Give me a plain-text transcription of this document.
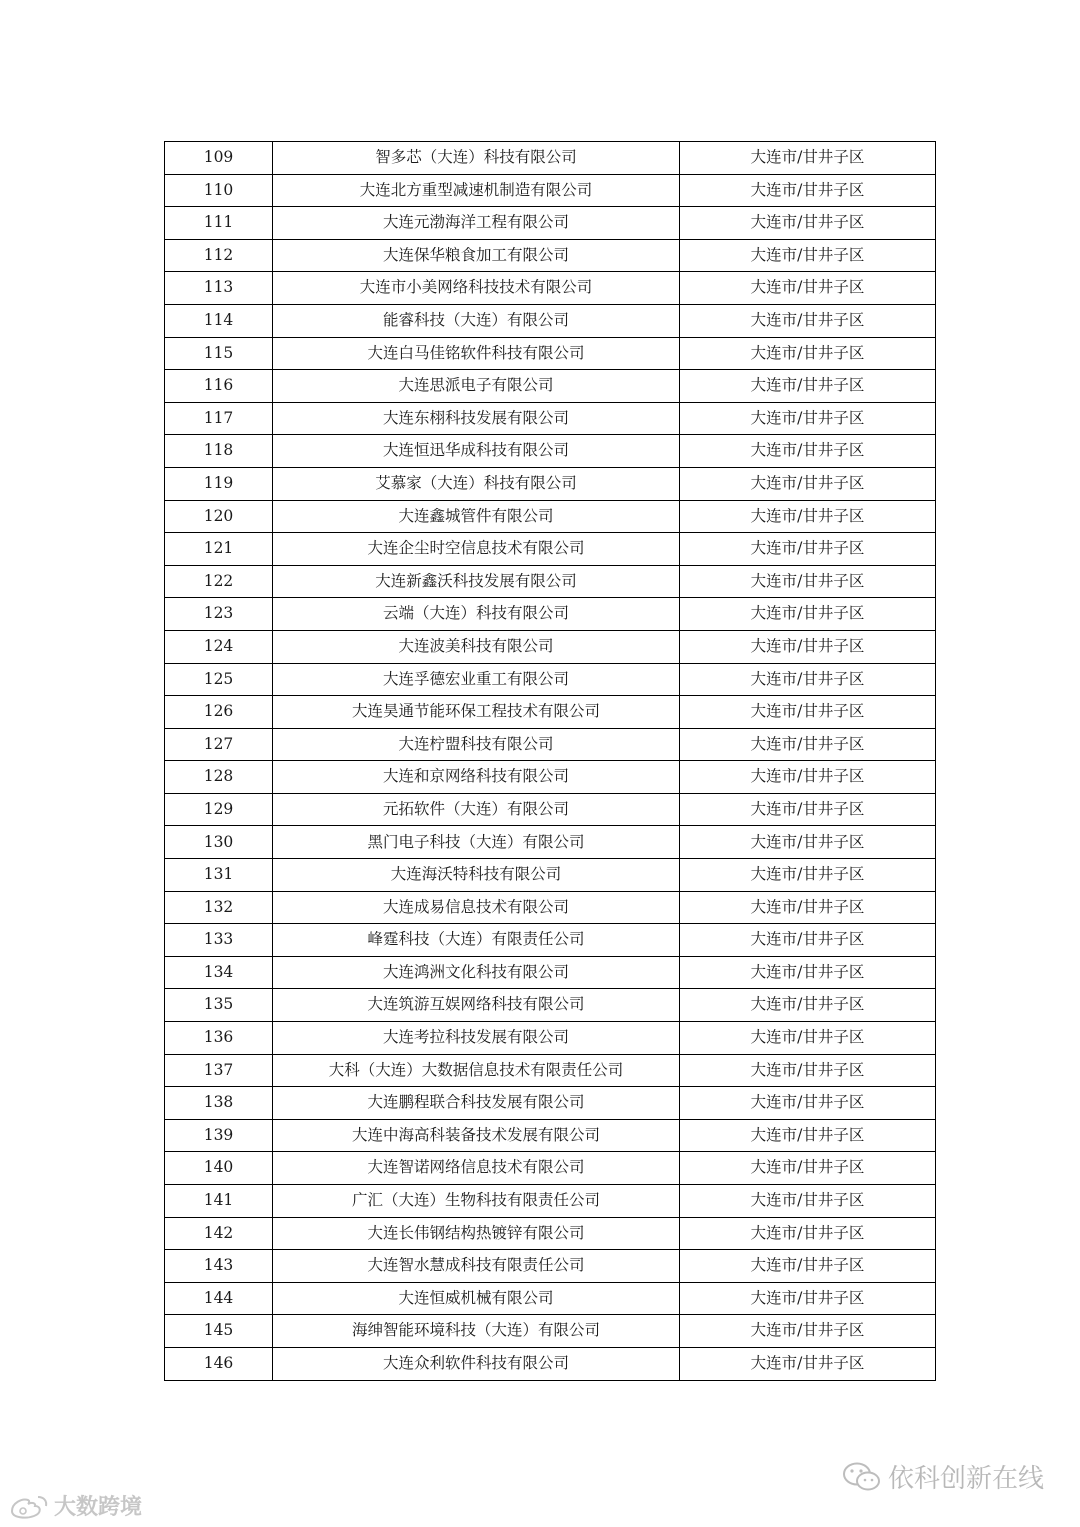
109	智多芯（大连）科技有限公司	大连市/甘井子区
110	大连北方重型减速机制造有限公司	大连市/甘井子区
111	大连元渤海洋工程有限公司	大连市/甘井子区
112	大连保华粮食加工有限公司	大连市/甘井子区
113	大连市小美网络科技技术有限公司	大连市/甘井子区
114	能睿科技（大连）有限公司	大连市/甘井子区
115	大连白马佳铭软件科技有限公司	大连市/甘井子区
116	大连思派电子有限公司	大连市/甘井子区
117	大连东栩科技发展有限公司	大连市/甘井子区
118	大连恒迅华成科技有限公司	大连市/甘井子区
119	艾慕家（大连）科技有限公司	大连市/甘井子区
120	大连鑫城管件有限公司	大连市/甘井子区
121	大连企尘时空信息技术有限公司	大连市/甘井子区
122	大连新鑫沃科技发展有限公司	大连市/甘井子区
123	云端（大连）科技有限公司	大连市/甘井子区
124	大连波美科技有限公司	大连市/甘井子区
125	大连孚德宏业重工有限公司	大连市/甘井子区
126	大连昊通节能环保工程技术有限公司	大连市/甘井子区
127	大连柠盟科技有限公司	大连市/甘井子区
128	大连和京网络科技有限公司	大连市/甘井子区
129	元拓软件（大连）有限公司	大连市/甘井子区
130	黑门电子科技（大连）有限公司	大连市/甘井子区
131	大连海沃特科技有限公司	大连市/甘井子区
132	大连成易信息技术有限公司	大连市/甘井子区
133	峰霆科技（大连）有限责任公司	大连市/甘井子区
134	大连鸿洲文化科技有限公司	大连市/甘井子区
135	大连筑游互娱网络科技有限公司	大连市/甘井子区
136	大连考拉科技发展有限公司	大连市/甘井子区
137	大科（大连）大数据信息技术有限责任公司	大连市/甘井子区
138	大连鹏程联合科技发展有限公司	大连市/甘井子区
139	大连中海高科装备技术发展有限公司	大连市/甘井子区
140	大连智诺网络信息技术有限公司	大连市/甘井子区
141	广汇（大连）生物科技有限责任公司	大连市/甘井子区
142	大连长伟钢结构热镀锌有限公司	大连市/甘井子区
143	大连智水慧成科技有限责任公司	大连市/甘井子区
144	大连恒威机械有限公司	大连市/甘井子区
145	海绅智能环境科技（大连）有限公司	大连市/甘井子区
146	大连众利软件科技有限公司	大连市/甘井子区
依科创新在线
大数跨境
